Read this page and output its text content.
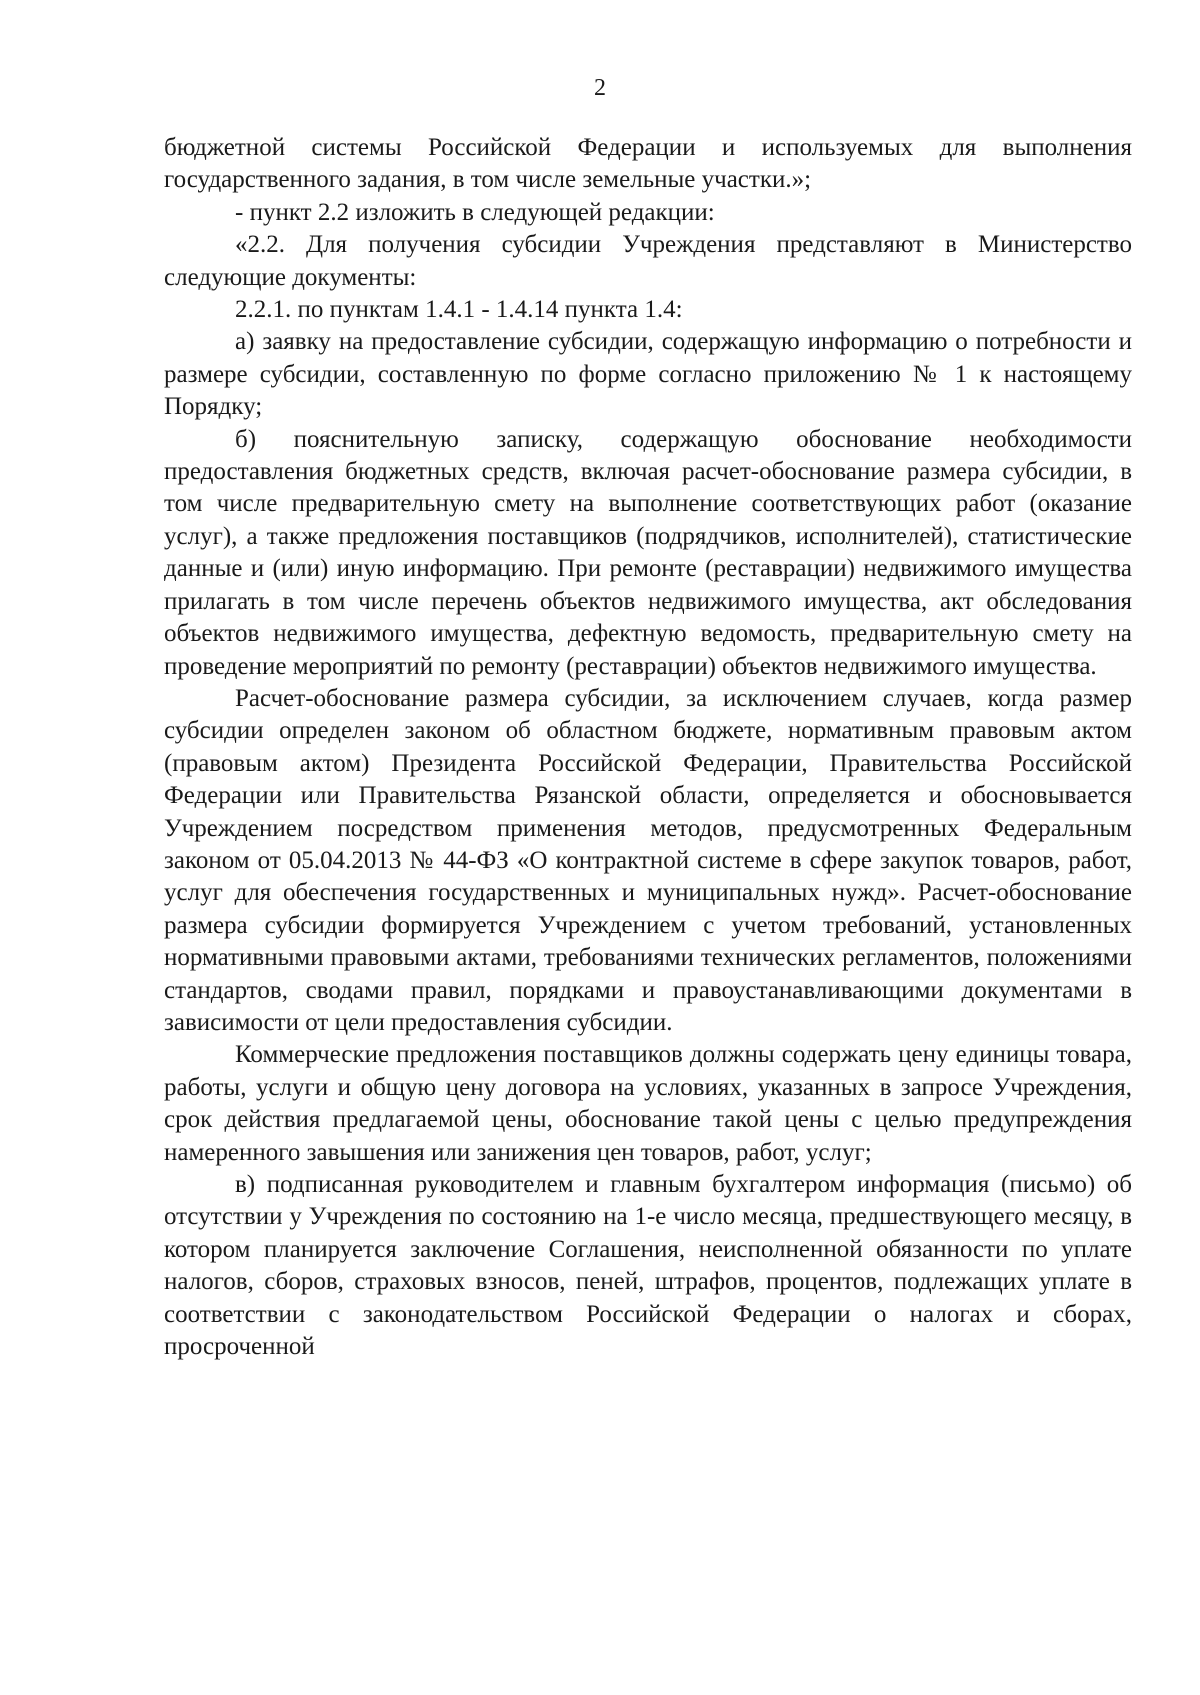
2

бюджетной системы Российской Федерации и используемых для выполнения государственного задания, в том числе земельные участки.»;

- пункт 2.2 изложить в следующей редакции:

«2.2. Для получения субсидии Учреждения представляют в Министерство следующие документы:

2.2.1. по пунктам 1.4.1 - 1.4.14 пункта 1.4:

а) заявку на предоставление субсидии, содержащую информацию о потребности и размере субсидии, составленную по форме согласно приложению № 1 к настоящему Порядку;

б) пояснительную записку, содержащую обоснование необходимости предоставления бюджетных средств, включая расчет-обоснование размера субсидии, в том числе предварительную смету на выполнение соответствующих работ (оказание услуг), а также предложения поставщиков (подрядчиков, исполнителей), статистические данные и (или) иную информацию. При ремонте (реставрации) недвижимого имущества прилагать в том числе перечень объектов недвижимого имущества, акт обследования объектов недвижимого имущества, дефектную ведомость, предварительную смету на проведение мероприятий по ремонту (реставрации) объектов недвижимого имущества.

Расчет-обоснование размера субсидии, за исключением случаев, когда размер субсидии определен законом об областном бюджете, нормативным правовым актом (правовым актом) Президента Российской Федерации, Правительства Российской Федерации или Правительства Рязанской области, определяется и обосновывается Учреждением посредством применения методов, предусмотренных Федеральным законом от 05.04.2013 № 44-ФЗ «О контрактной системе в сфере закупок товаров, работ, услуг для обеспечения государственных и муниципальных нужд». Расчет-обоснование размера субсидии формируется Учреждением с учетом требований, установленных нормативными правовыми актами, требованиями технических регламентов, положениями стандартов, сводами правил, порядками и правоустанавливающими документами в зависимости от цели предоставления субсидии.

Коммерческие предложения поставщиков должны содержать цену единицы товара, работы, услуги и общую цену договора на условиях, указанных в запросе Учреждения, срок действия предлагаемой цены, обоснование такой цены с целью предупреждения намеренного завышения или занижения цен товаров, работ, услуг;

в) подписанная руководителем и главным бухгалтером информация (письмо) об отсутствии у Учреждения по состоянию на 1-е число месяца, предшествующего месяцу, в котором планируется заключение Соглашения, неисполненной обязанности по уплате налогов, сборов, страховых взносов, пеней, штрафов, процентов, подлежащих уплате в соответствии с законодательством Российской Федерации о налогах и сборах, просроченной
